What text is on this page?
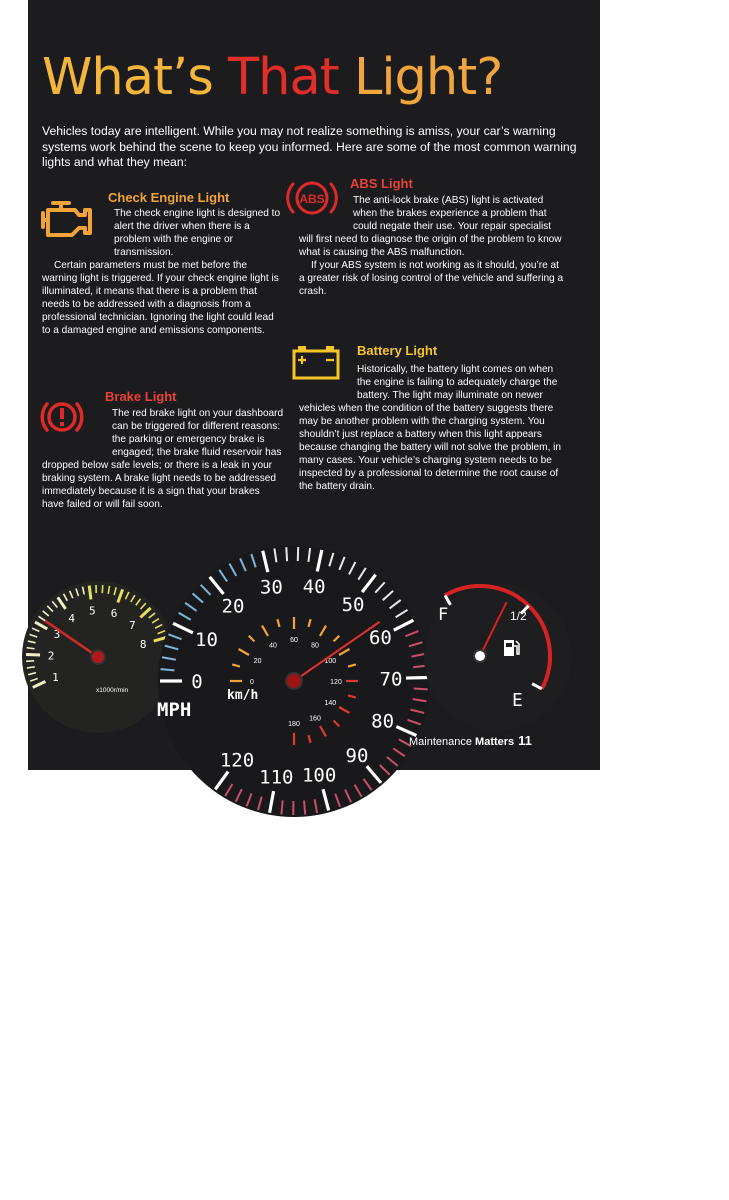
What’s That Light?

Vehicles today are intelligent. While you may not realize something is amiss, your car’s warning systems work behind the scene to keep you informed. Here are some of the most common warning lights and what they mean:

Check Engine Light

The check engine light is designed to alert the driver when there is a problem with the engine or transmission.

Certain parameters must be met before the warning light is triggered. If your check engine light is illuminated, it means that there is a problem that needs to be addressed with a diagnosis from a professional technician. Ignoring the light could lead to a damaged engine and emissions components.

Brake Light

The red brake light on your dashboard can be triggered for different reasons: the parking or emergency brake is engaged; the brake fluid reservoir has dropped below safe levels; or there is a leak in your braking system. A brake light needs to be addressed immediately because it is a sign that your brakes have failed or will fail soon.

ABS
ABS Light

The anti-lock brake (ABS) light is activated when the brakes experience a problem that could negate their use. Your repair specialist will first need to diagnose the origin of the problem to know what is causing the ABS malfunction.

If your ABS system is not working as it should, you’re at a greater risk of losing control of the vehicle and suffering a crash.

Battery Light

Historically, the battery light comes on when the engine is failing to adequately charge the battery. The light may illuminate on newer vehicles when the condition of the battery suggests there may be another problem with the charging system. You shouldn’t just replace a battery when this light appears because changing the battery will not solve the problem, in many cases. Your vehicle’s charging system needs to be inspected by a professional to determine the root cause of the battery drain.

1
2
3
4
5 6
7
8
x1000r/min	0
10
20
30 40
50
60
70
80
90
100
110
120
MPH
0
20
40
60
80
100
120
140
160
180
km/h
F	1/2
E
Maintenance Matters 11
